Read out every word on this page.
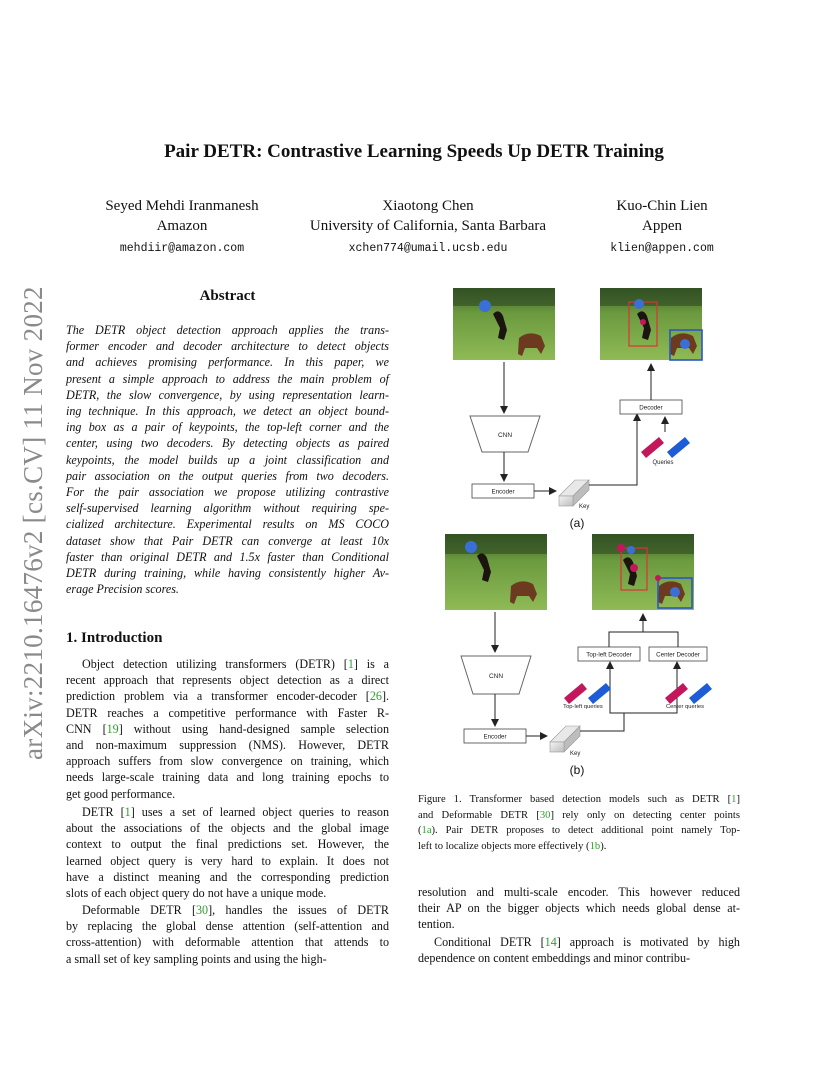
Pair DETR: Contrastive Learning Speeds Up DETR Training
Seyed Mehdi Iranmanesh
Amazon
mehdiir@amazon.com
Xiaotong Chen
University of California, Santa Barbara
xchen774@umail.ucsb.edu
Kuo-Chin Lien
Appen
klien@appen.com
arXiv:2210.16476v2 [cs.CV] 11 Nov 2022	Abstract
The DETR object detection approach applies the trans-
former encoder and decoder architecture to detect objects
and achieves promising performance. In this paper, we
present a simple approach to address the main problem of
DETR, the slow convergence, by using representation learn-
ing technique. In this approach, we detect an object bound-
ing box as a pair of keypoints, the top-left corner and the
center, using two decoders. By detecting objects as paired
keypoints, the model builds up a joint classification and
pair association on the output queries from two decoders.
For the pair association we propose utilizing contrastive
self-supervised learning algorithm without requiring spe-
cialized architecture. Experimental results on MS COCO
dataset show that Pair DETR can converge at least 10x
faster than original DETR and 1.5x faster than Conditional
DETR during training, while having consistently higher Av-
erage Precision scores.
1. Introduction
Object detection utilizing transformers (DETR) [1] is a
recent approach that represents object detection as a direct
prediction problem via a transformer encoder-decoder [26].
DETR reaches a competitive performance with Faster R-
CNN [19] without using hand-designed sample selection
and non-maximum suppression (NMS). However, DETR
approach suffers from slow convergence on training, which
needs large-scale training data and long training epochs to
get good performance.
DETR [1] uses a set of learned object queries to reason
about the associations of the objects and the global image
context to output the final predictions set. However, the
learned object query is very hard to explain. It does not
have a distinct meaning and the corresponding prediction
slots of each object query do not have a unique mode.
Deformable DETR [30], handles the issues of DETR
by replacing the global dense attention (self-attention and
cross-attention) with deformable attention that attends to
a small set of key sampling points and using the high-
CNN
Encoder
Key
Decoder
Queries
(a)
CNN
Encoder
Key
Top-left Decoder	Center Decoder
Top-left queries	Center queries
(b)
Figure 1. Transformer based detection models such as DETR [1]
and Deformable DETR [30] rely only on detecting center points
(1a). Pair DETR proposes to detect additional point namely Top-
left to localize objects more effectively (1b).
resolution and multi-scale encoder. This however reduced
their AP on the bigger objects which needs global dense at-
tention.
Conditional DETR [14] approach is motivated by high
dependence on content embeddings and minor contribu-
